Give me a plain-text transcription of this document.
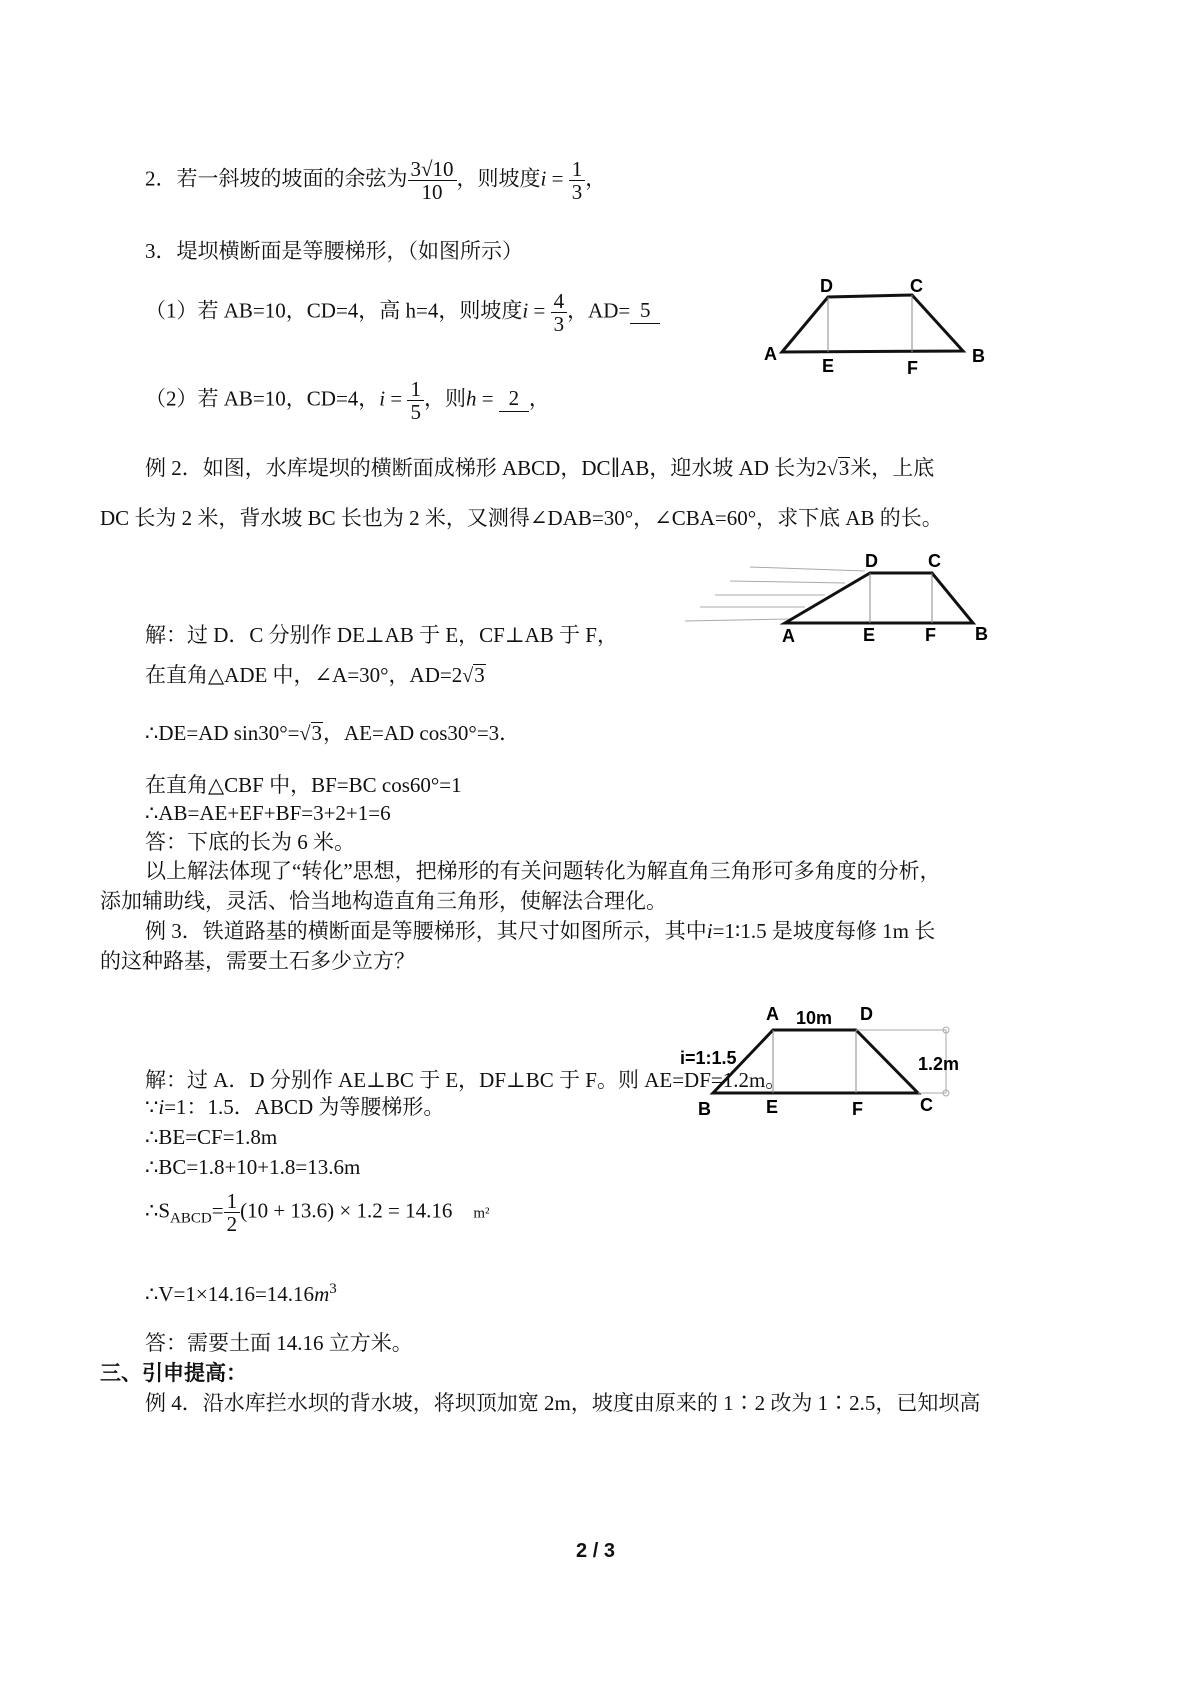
2．若一斜坡的坡面的余弦为 $\frac{3√10}{10}$ ，则坡度$i = \frac{1}{3}$ ，
3．堤坝横断面是等腰梯形，（如图所示）
（1）若 AB=10，CD=4，高 h=4，则坡度$i = \frac{4}{3}$ ，AD= 5
（2）若 AB=10，CD=4，$i = \frac{1}{5}$ ，则h = 2 ，
A	B
C
D
E	F
例 2．如图，水库堤坝的横断面成梯形 ABCD，DC∥AB，迎水坡 AD 长为2√3米，上底
DC 长为 2 米，背水坡 BC 长也为 2 米，又测得∠DAB=30°，∠CBA=60°，求下底 AB 的长。
A	B
C
D
E	F
解：过 D．C 分别作 DE⊥AB 于 E，CF⊥AB 于 F，
在直角△ADE 中，∠A=30°，AD=2√3
∴DE=AD sin30°=√3，AE=AD cos30°=3．
在直角△CBF 中，BF=BC cos60°=1
∴AB=AE+EF+BF=3+2+1=6
答：下底的长为 6 米。
以上解法体现了“转化”思想，把梯形的有关问题转化为解直角三角形可多角度的分析，
添加辅助线，灵活、恰当地构造直角三角形，使解法合理化。
例 3．铁道路基的横断面是等腰梯形，其尺寸如图所示，其中i=1∶1.5 是坡度每修 1m 长
的这种路基，需要土石多少立方？
A 10m D
i=1:1.5	1.2m
B	E	F	C
解：过 A．D 分别作 AE⊥BC 于 E，DF⊥BC 于 F。则 AE=DF=1.2m。
∵i=1：1.5．ABCD 为等腰梯形。
∴BE=CF=1.8m
∴BC=1.8+10+1.8=13.6m
$\therefore S_{ABCD}= \frac{1}{2} (10 + 13.6) \times 1.2 = 14.16$  m²
$\therefore V=1\times 14.16=14.16m^3$
答：需要土面 14.16 立方米。
三、引申提高：
例 4．沿水库拦水坝的背水坡，将坝顶加宽 2m，坡度由原来的 1∶2 改为 1∶2.5，已知坝高
2 / 3
